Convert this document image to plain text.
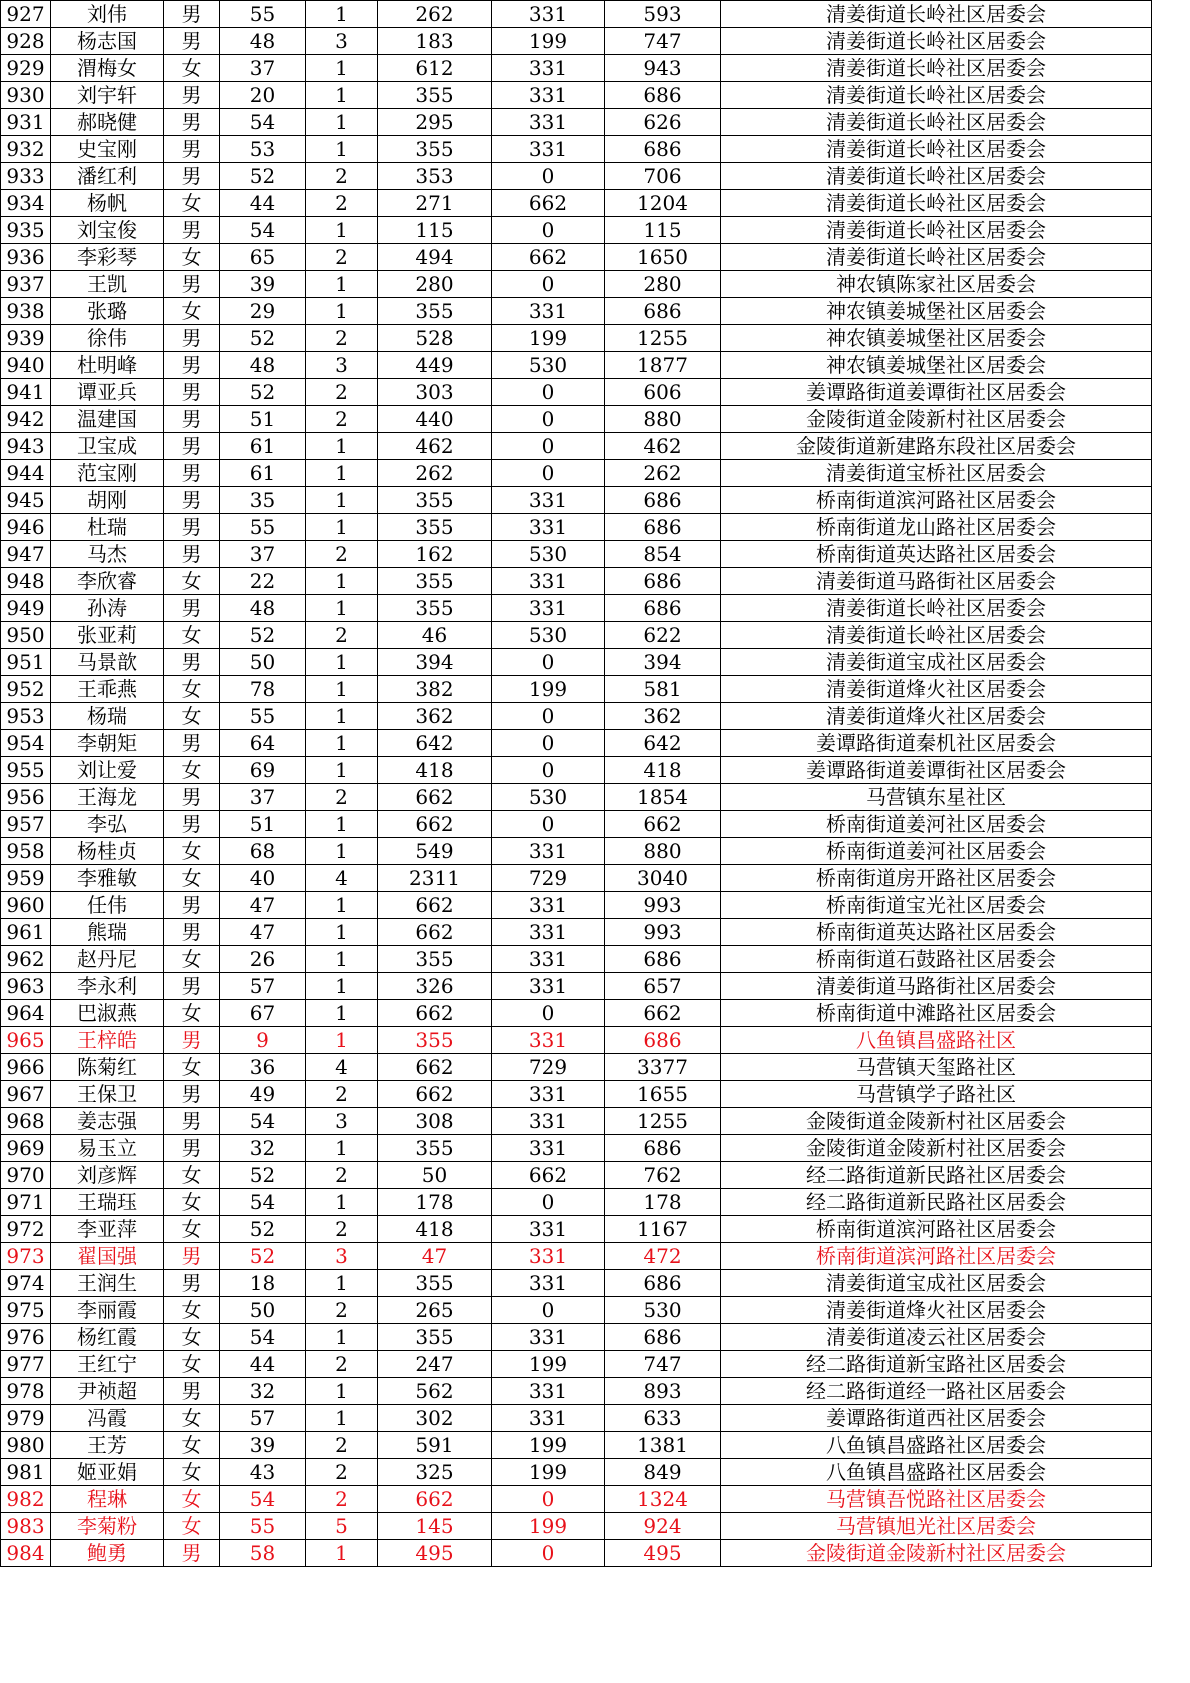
927	刘伟	男	55	1	262	331	593	清姜街道长岭社区居委会
928	杨志国	男	48	3	183	199	747	清姜街道长岭社区居委会
929	渭梅女	女	37	1	612	331	943	清姜街道长岭社区居委会
930	刘宇轩	男	20	1	355	331	686	清姜街道长岭社区居委会
931	郝晓健	男	54	1	295	331	626	清姜街道长岭社区居委会
932	史宝刚	男	53	1	355	331	686	清姜街道长岭社区居委会
933	潘红利	男	52	2	353	0	706	清姜街道长岭社区居委会
934	杨帆	女	44	2	271	662	1204	清姜街道长岭社区居委会
935	刘宝俊	男	54	1	115	0	115	清姜街道长岭社区居委会
936	李彩琴	女	65	2	494	662	1650	清姜街道长岭社区居委会
937	王凯	男	39	1	280	0	280	神农镇陈家社区居委会
938	张璐	女	29	1	355	331	686	神农镇姜城堡社区居委会
939	徐伟	男	52	2	528	199	1255	神农镇姜城堡社区居委会
940	杜明峰	男	48	3	449	530	1877	神农镇姜城堡社区居委会
941	谭亚兵	男	52	2	303	0	606	姜谭路街道姜谭街社区居委会
942	温建国	男	51	2	440	0	880	金陵街道金陵新村社区居委会
943	卫宝成	男	61	1	462	0	462	金陵街道新建路东段社区居委会
944	范宝刚	男	61	1	262	0	262	清姜街道宝桥社区居委会
945	胡刚	男	35	1	355	331	686	桥南街道滨河路社区居委会
946	杜瑞	男	55	1	355	331	686	桥南街道龙山路社区居委会
947	马杰	男	37	2	162	530	854	桥南街道英达路社区居委会
948	李欣睿	女	22	1	355	331	686	清姜街道马路街社区居委会
949	孙涛	男	48	1	355	331	686	清姜街道长岭社区居委会
950	张亚莉	女	52	2	46	530	622	清姜街道长岭社区居委会
951	马景歆	男	50	1	394	0	394	清姜街道宝成社区居委会
952	王乖燕	女	78	1	382	199	581	清姜街道烽火社区居委会
953	杨瑞	女	55	1	362	0	362	清姜街道烽火社区居委会
954	李朝矩	男	64	1	642	0	642	姜谭路街道秦机社区居委会
955	刘让爱	女	69	1	418	0	418	姜谭路街道姜谭街社区居委会
956	王海龙	男	37	2	662	530	1854	马营镇东星社区
957	李弘	男	51	1	662	0	662	桥南街道姜河社区居委会
958	杨桂贞	女	68	1	549	331	880	桥南街道姜河社区居委会
959	李雅敏	女	40	4	2311	729	3040	桥南街道房开路社区居委会
960	任伟	男	47	1	662	331	993	桥南街道宝光社区居委会
961	熊瑞	男	47	1	662	331	993	桥南街道英达路社区居委会
962	赵丹尼	女	26	1	355	331	686	桥南街道石鼓路社区居委会
963	李永利	男	57	1	326	331	657	清姜街道马路街社区居委会
964	巴淑燕	女	67	1	662	0	662	桥南街道中滩路社区居委会
965	王梓皓	男	9	1	355	331	686	八鱼镇昌盛路社区
966	陈菊红	女	36	4	662	729	3377	马营镇天玺路社区
967	王保卫	男	49	2	662	331	1655	马营镇学子路社区
968	姜志强	男	54	3	308	331	1255	金陵街道金陵新村社区居委会
969	易玉立	男	32	1	355	331	686	金陵街道金陵新村社区居委会
970	刘彦辉	女	52	2	50	662	762	经二路街道新民路社区居委会
971	王瑞珏	女	54	1	178	0	178	经二路街道新民路社区居委会
972	李亚萍	女	52	2	418	331	1167	桥南街道滨河路社区居委会
973	翟国强	男	52	3	47	331	472	桥南街道滨河路社区居委会
974	王润生	男	18	1	355	331	686	清姜街道宝成社区居委会
975	李丽霞	女	50	2	265	0	530	清姜街道烽火社区居委会
976	杨红霞	女	54	1	355	331	686	清姜街道凌云社区居委会
977	王红宁	女	44	2	247	199	747	经二路街道新宝路社区居委会
978	尹祯超	男	32	1	562	331	893	经二路街道经一路社区居委会
979	冯霞	女	57	1	302	331	633	姜谭路街道西社区居委会
980	王芳	女	39	2	591	199	1381	八鱼镇昌盛路社区居委会
981	姬亚娟	女	43	2	325	199	849	八鱼镇昌盛路社区居委会
982	程琳	女	54	2	662	0	1324	马营镇吾悦路社区居委会
983	李菊粉	女	55	5	145	199	924	马营镇旭光社区居委会
984	鲍勇	男	58	1	495	0	495	金陵街道金陵新村社区居委会
